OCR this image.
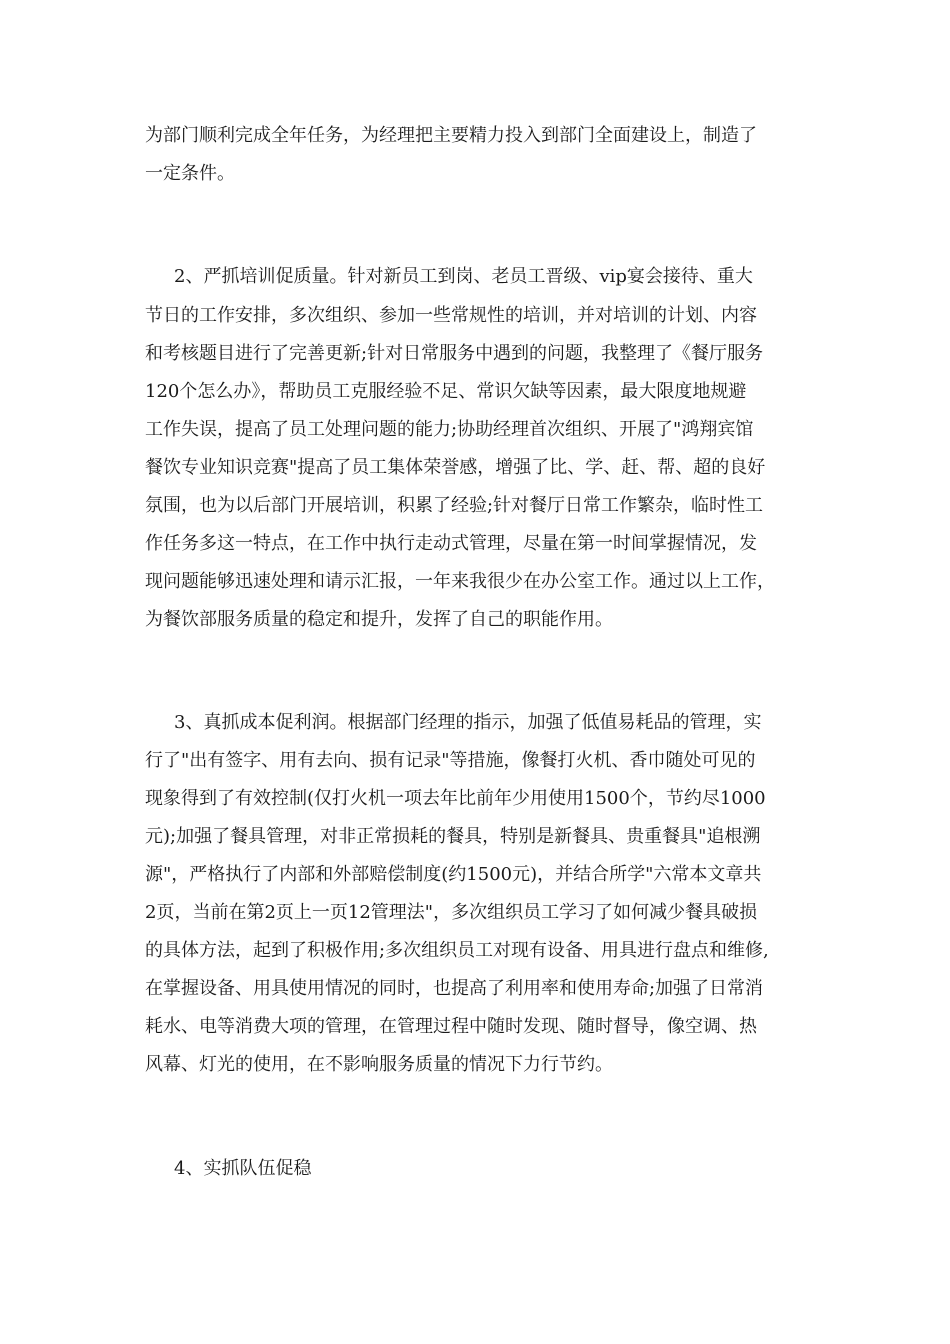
为部门顺利完成全年任务，为经理把主要精力投入到部门全面建设上，制造了
一定条件。
2、严抓培训促质量。针对新员工到岗、老员工晋级、vip宴会接待、重大
节日的工作安排，多次组织、参加一些常规性的培训，并对培训的计划、内容
和考核题目进行了完善更新;针对日常服务中遇到的问题，我整理了《餐厅服务
120个怎么办》，帮助员工克服经验不足、常识欠缺等因素，最大限度地规避
工作失误，提高了员工处理问题的能力;协助经理首次组织、开展了"鸿翔宾馆
餐饮专业知识竞赛"提高了员工集体荣誉感，增强了比、学、赶、帮、超的良好
氛围，也为以后部门开展培训，积累了经验;针对餐厅日常工作繁杂，临时性工
作任务多这一特点，在工作中执行走动式管理，尽量在第一时间掌握情况，发
现问题能够迅速处理和请示汇报，一年来我很少在办公室工作。通过以上工作，
为餐饮部服务质量的稳定和提升，发挥了自己的职能作用。
3、真抓成本促利润。根据部门经理的指示，加强了低值易耗品的管理，实
行了"出有签字、用有去向、损有记录"等措施，像餐打火机、香巾随处可见的
现象得到了有效控制(仅打火机一项去年比前年少用使用1500个，节约尽1000
元);加强了餐具管理，对非正常损耗的餐具，特别是新餐具、贵重餐具"追根溯
源"，严格执行了内部和外部赔偿制度(约1500元)，并结合所学"六常本文章共
2页，当前在第2页上一页12管理法"，多次组织员工学习了如何减少餐具破损
的具体方法，起到了积极作用;多次组织员工对现有设备、用具进行盘点和维修,
在掌握设备、用具使用情况的同时，也提高了利用率和使用寿命;加强了日常消
耗水、电等消费大项的管理，在管理过程中随时发现、随时督导，像空调、热
风幕、灯光的使用，在不影响服务质量的情况下力行节约。
4、实抓队伍促稳
